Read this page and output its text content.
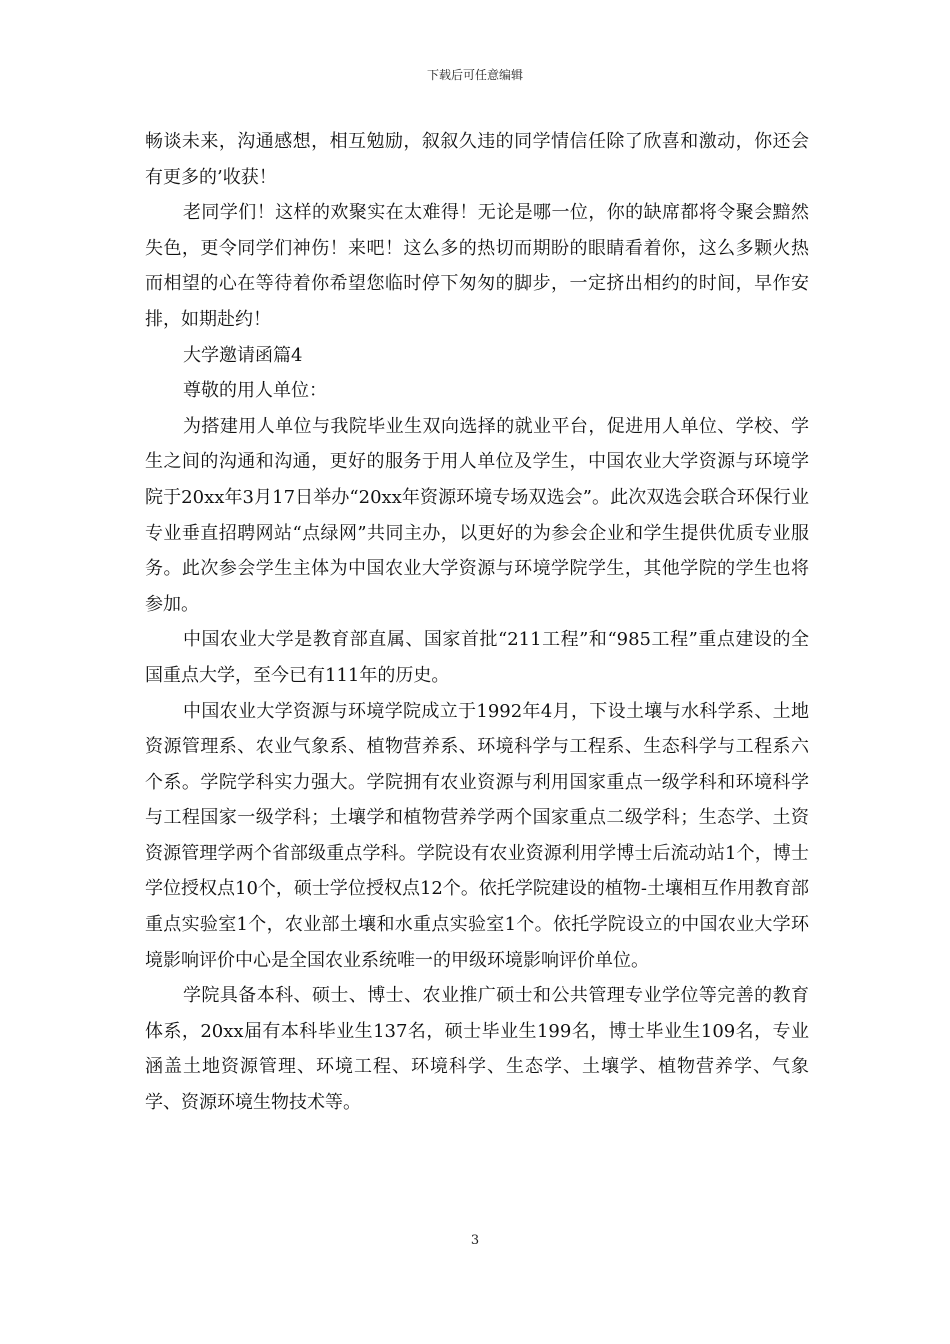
下载后可任意编辑

畅谈未来，沟通感想，相互勉励，叙叙久违的同学情信任除了欣喜和激动，你还会有更多的’收获！

老同学们！这样的欢聚实在太难得！无论是哪一位，你的缺席都将令聚会黯然失色，更令同学们神伤！来吧！这么多的热切而期盼的眼睛看着你，这么多颗火热而相望的心在等待着你希望您临时停下匆匆的脚步，一定挤出相约的时间，早作安排，如期赴约！

大学邀请函篇4

尊敬的用人单位：

为搭建用人单位与我院毕业生双向选择的就业平台，促进用人单位、学校、学生之间的沟通和沟通，更好的服务于用人单位及学生，中国农业大学资源与环境学院于20xx年3月17日举办“20xx年资源环境专场双选会”。此次双选会联合环保行业专业垂直招聘网站“点绿网”共同主办，以更好的为参会企业和学生提供优质专业服务。此次参会学生主体为中国农业大学资源与环境学院学生，其他学院的学生也将参加。

中国农业大学是教育部直属、国家首批“211工程”和“985工程”重点建设的全国重点大学，至今已有111年的历史。

中国农业大学资源与环境学院成立于1992年4月，下设土壤与水科学系、土地资源管理系、农业气象系、植物营养系、环境科学与工程系、生态科学与工程系六个系。学院学科实力强大。学院拥有农业资源与利用国家重点一级学科和环境科学与工程国家一级学科；土壤学和植物营养学两个国家重点二级学科；生态学、土资资源管理学两个省部级重点学科。学院设有农业资源利用学博士后流动站1个，博士学位授权点10个，硕士学位授权点12个。依托学院建设的植物-土壤相互作用教育部重点实验室1个，农业部土壤和水重点实验室1个。依托学院设立的中国农业大学环境影响评价中心是全国农业系统唯一的甲级环境影响评价单位。

学院具备本科、硕士、博士、农业推广硕士和公共管理专业学位等完善的教育体系，20xx届有本科毕业生137名，硕士毕业生199名，博士毕业生109名，专业涵盖土地资源管理、环境工程、环境科学、生态学、土壤学、植物营养学、气象学、资源环境生物技术等。

3
